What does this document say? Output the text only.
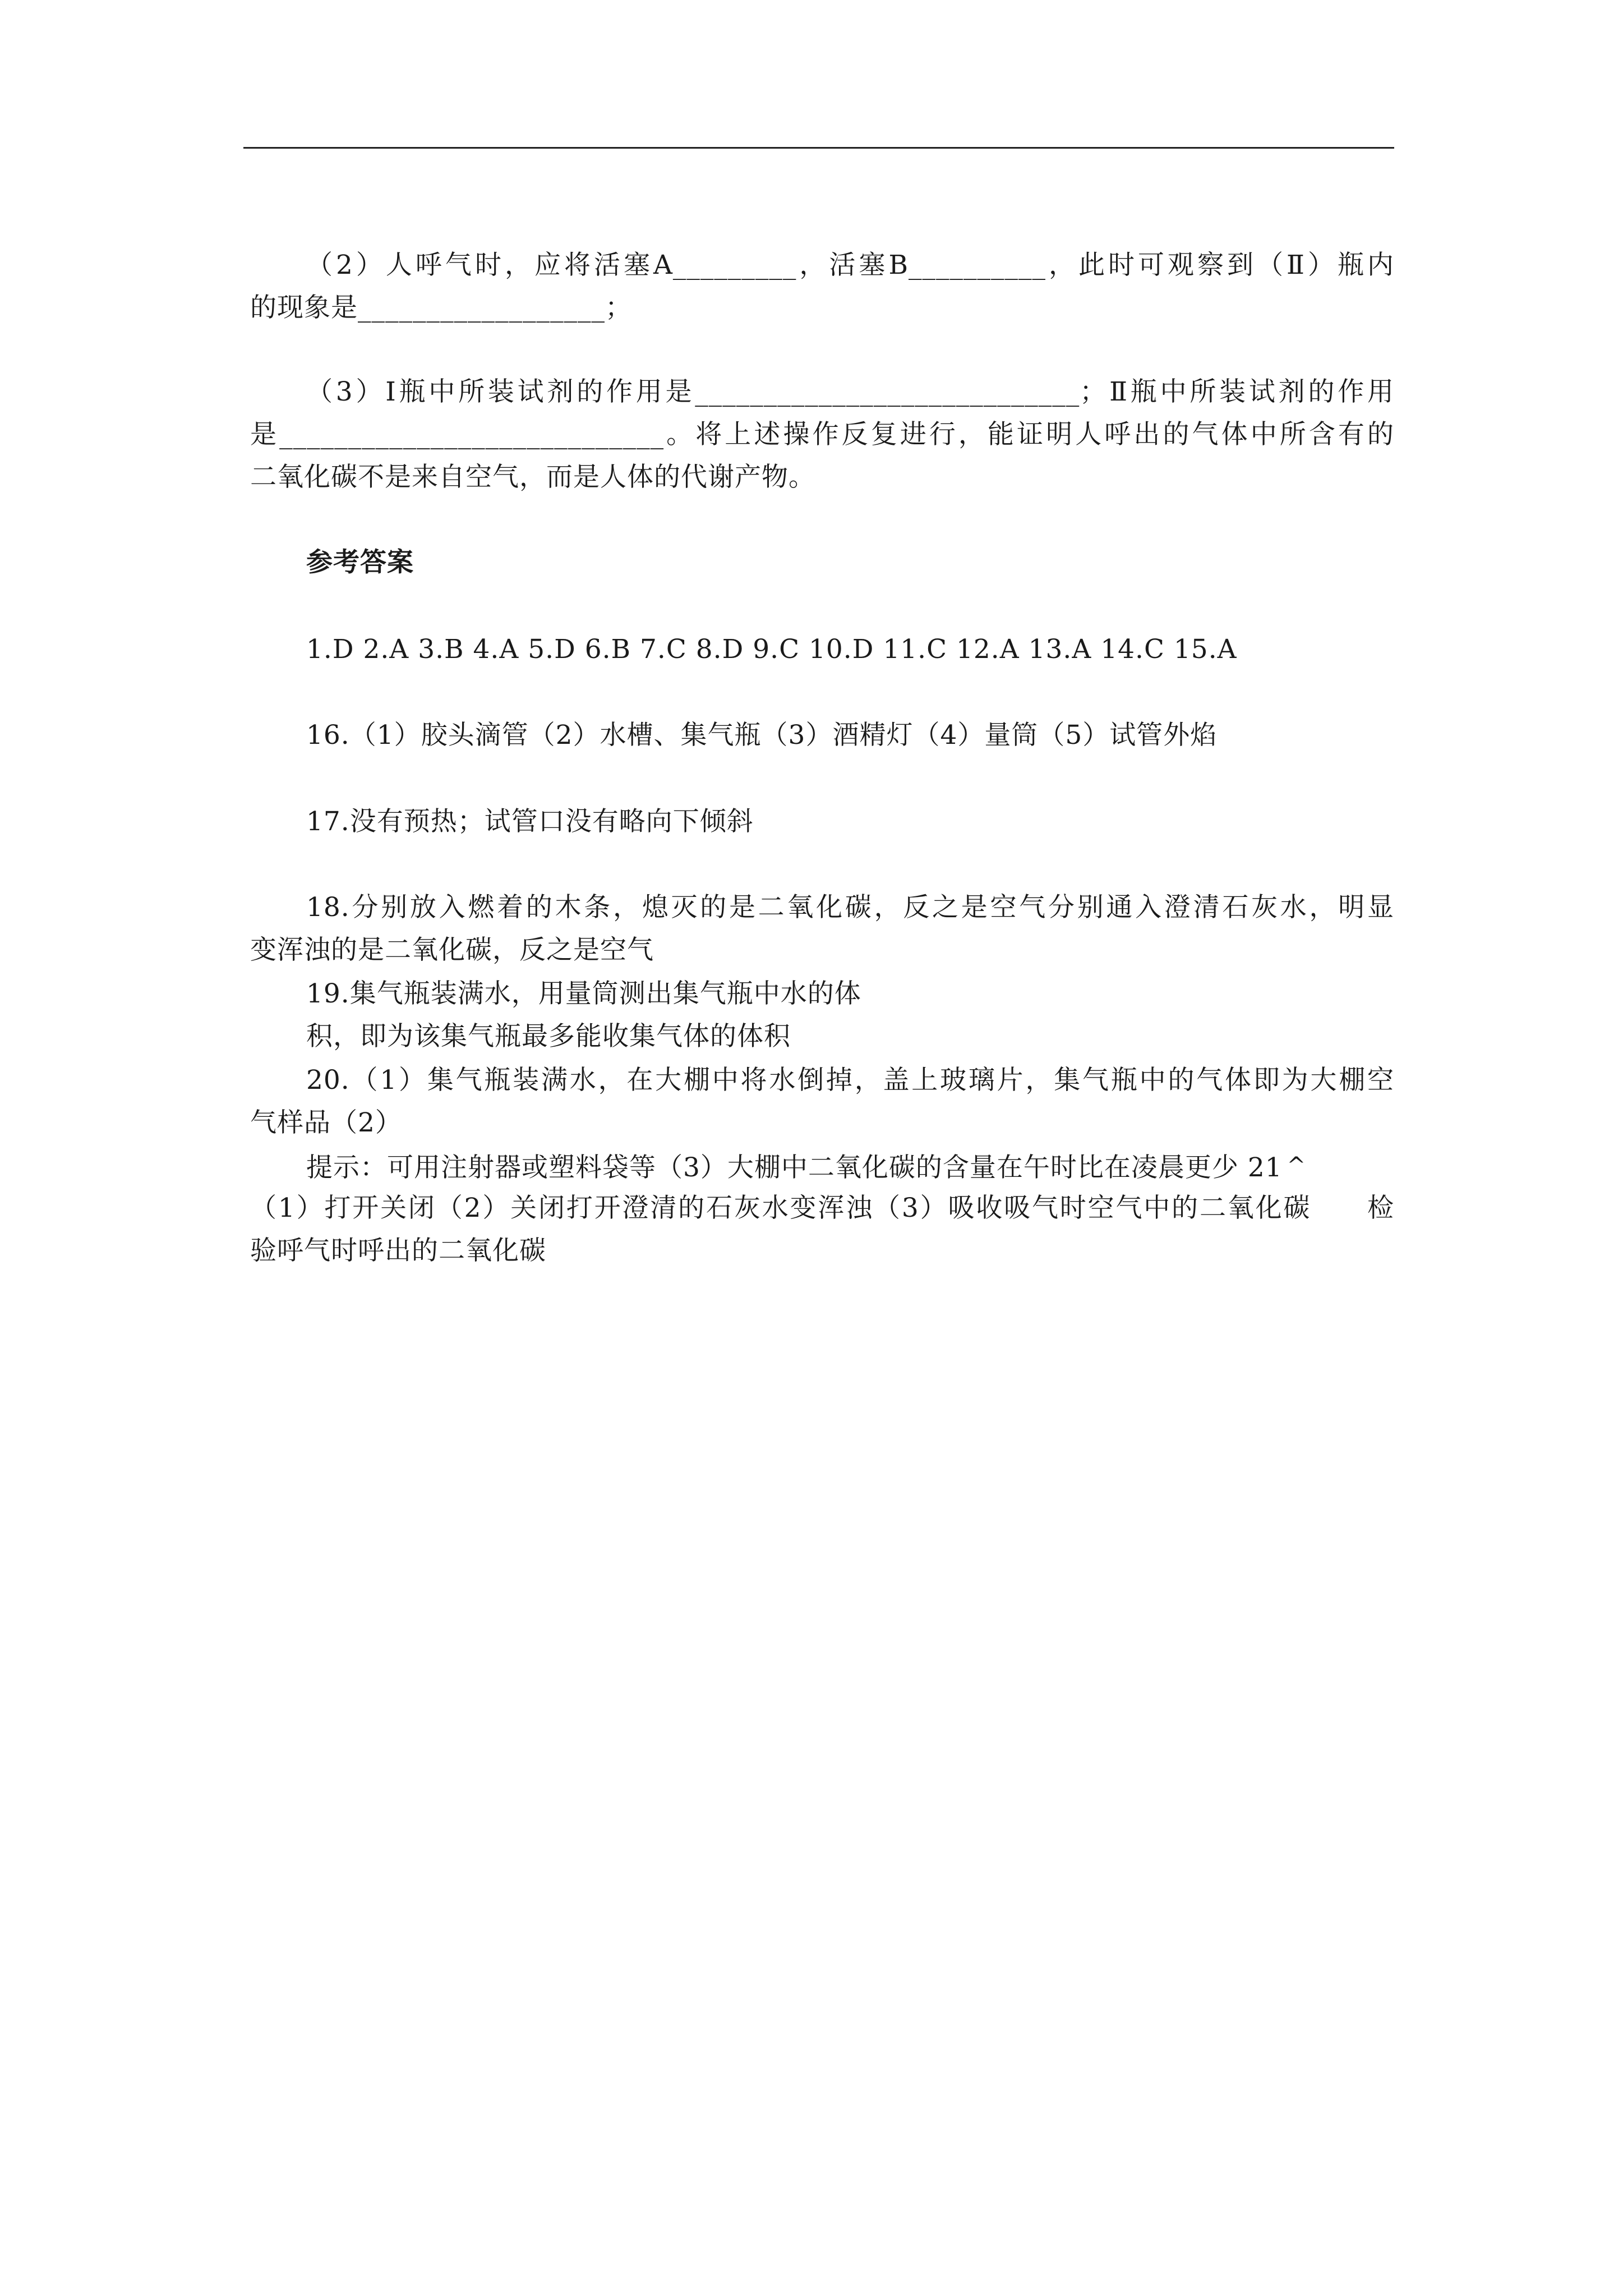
（2）人呼气时，应将活塞A_________，活塞B__________，此时可观察到（Ⅱ）瓶内
的现象是__________________；
（3）Ⅰ瓶中所装试剂的作用是____________________________；Ⅱ瓶中所装试剂的作用
是____________________________。将上述操作反复进行，能证明人呼出的气体中所含有的
二氧化碳不是来自空气，而是人体的代谢产物。
参考答案
1.D 2.A 3.B 4.A 5.D 6.B 7.C 8.D 9.C 10.D 11.C 12.A 13.A 14.C 15.A
16.（1）胶头滴管（2）水槽、集气瓶（3）酒精灯（4）量筒（5）试管外焰
17.没有预热；试管口没有略向下倾斜
18.分别放入燃着的木条，熄灭的是二氧化碳，反之是空气分别通入澄清石灰水，明显
变浑浊的是二氧化碳，反之是空气
19.集气瓶装满水，用量筒测出集气瓶中水的体
积，即为该集气瓶最多能收集气体的体积
20.（1）集气瓶装满水，在大棚中将水倒掉，盖上玻璃片，集气瓶中的气体即为大棚空
气样品（2）
提示：可用注射器或塑料袋等（3）大棚中二氧化碳的含量在午时比在凌晨更少 21 ^
（1）打开关闭（2）关闭打开澄清的石灰水变浑浊（3）吸收吸气时空气中的二氧化碳　　检
验呼气时呼出的二氧化碳
